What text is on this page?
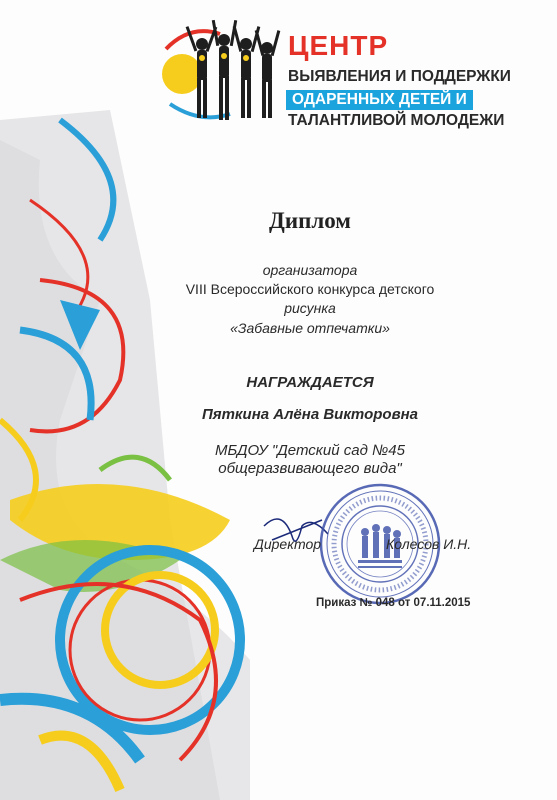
ЦЕНТР
ВЫЯВЛЕНИЯ И ПОДДЕРЖКИ
ОДАРЕННЫХ ДЕТЕЙ И
ТАЛАНТЛИВОЙ МОЛОДЕЖИ
Диплом
организатора
VIII Всероссийского конкурса детского
рисунка
«Забавные отпечатки»
НАГРАЖДАЕТСЯ
Пяткина Алёна Викторовна
МБДОУ "Детский сад №45
общеразвивающего вида"
Директор	Колесов И.Н.
Приказ № 048 от 07.11.2015
